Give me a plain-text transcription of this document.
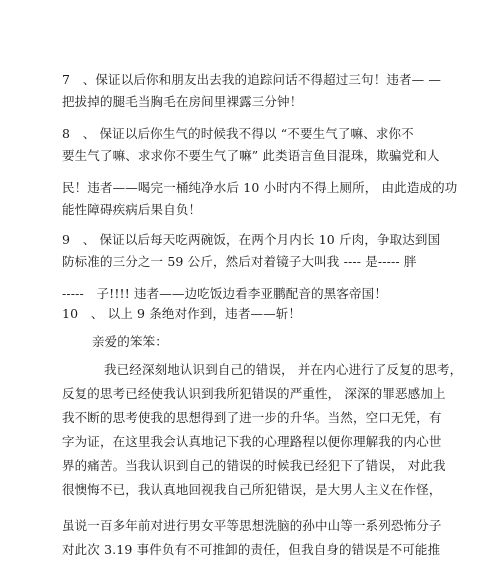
7　、保证以后你和朋友出去我的追踪问话不得超过三句！违者— —
把拔掉的腿毛当胸毛在房间里裸露三分钟！
8　、 保证以后你生气的时候我不得以 “不要生气了嘛、求你不
要生气了嘛、求求你不要生气了嘛” 此类语言鱼目混珠，欺骗党和人
民！违者——喝完一桶纯净水后 10 小时内不得上厕所， 由此造成的功
能性障碍疾病后果自负！
9　、 保证以后每天吃两碗饭，在两个月内长 10 斤肉，争取达到国
防标准的三分之一 59 公斤，然后对着镜子大叫我 ---- 是----- 胖
-----　子!!!! 违者——边吃饭边看李亚鹏配音的黑客帝国！
10　、 以上 9 条绝对作到，违者——斩！
亲爱的笨笨：
我已经深刻地认识到自己的错误， 并在内心进行了反复的思考，
反复的思考已经使我认识到我所犯错误的严重性， 深深的罪恶感加上
我不断的思考使我的思想得到了进一步的升华。当然，空口无凭，有
字为证，在这里我会认真地记下我的心理路程以便你理解我的内心世
界的痛苦。当我认识到自己的错误的时候我已经犯下了错误， 对此我
很懊悔不已，我认真地回视我自己所犯错误，是大男人主义在作怪，
虽说一百多年前对进行男女平等思想洗脑的孙中山等一系列恐怖分子
对此次 3.19 事件负有不可推卸的责任，但我自身的错误是不可能推
